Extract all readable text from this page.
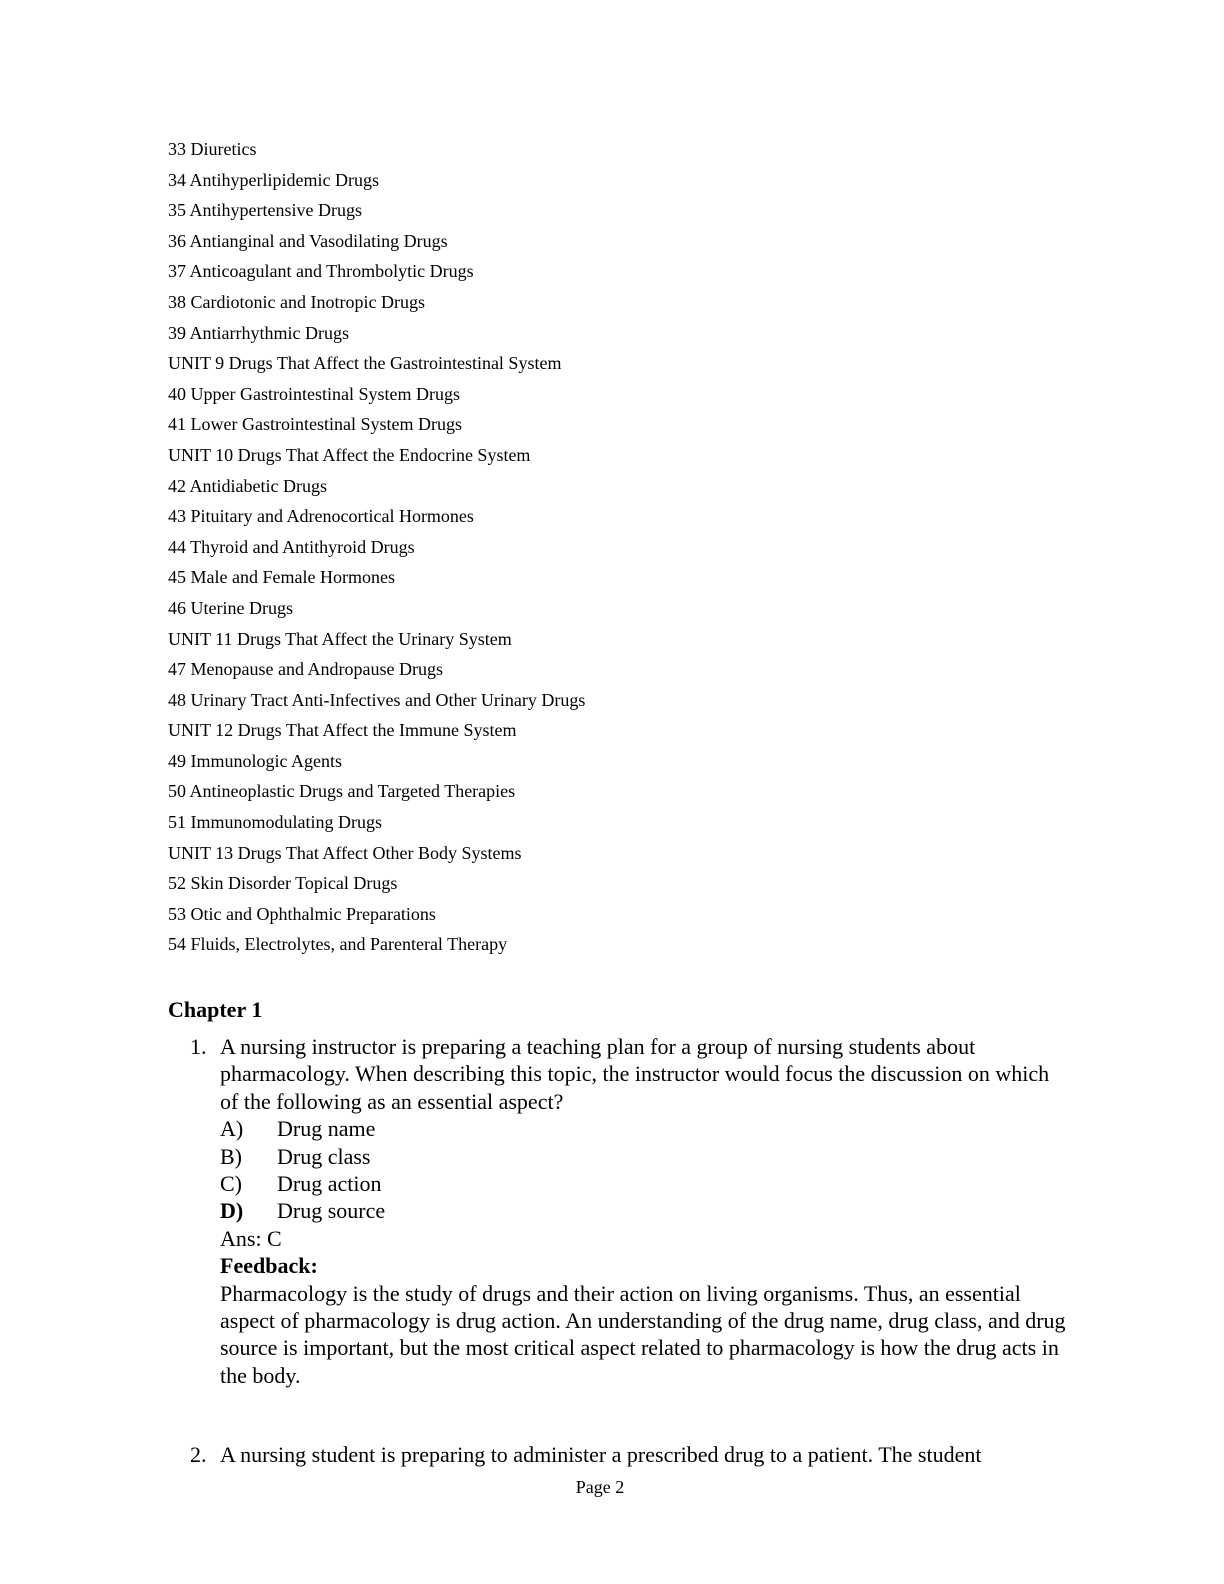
33 Diuretics
34 Antihyperlipidemic Drugs
35 Antihypertensive Drugs
36 Antianginal and Vasodilating Drugs
37 Anticoagulant and Thrombolytic Drugs
38 Cardiotonic and Inotropic Drugs
39 Antiarrhythmic Drugs
UNIT 9 Drugs That Affect the Gastrointestinal System
40 Upper Gastrointestinal System Drugs
41 Lower Gastrointestinal System Drugs
UNIT 10 Drugs That Affect the Endocrine System
42 Antidiabetic Drugs
43 Pituitary and Adrenocortical Hormones
44 Thyroid and Antithyroid Drugs
45 Male and Female Hormones
46 Uterine Drugs
UNIT 11 Drugs That Affect the Urinary System
47 Menopause and Andropause Drugs
48 Urinary Tract Anti-Infectives and Other Urinary Drugs
UNIT 12 Drugs That Affect the Immune System
49 Immunologic Agents
50 Antineoplastic Drugs and Targeted Therapies
51 Immunomodulating Drugs
UNIT 13 Drugs That Affect Other Body Systems
52 Skin Disorder Topical Drugs
53 Otic and Ophthalmic Preparations
54 Fluids, Electrolytes, and Parenteral Therapy
Chapter 1
1. A nursing instructor is preparing a teaching plan for a group of nursing students about pharmacology. When describing this topic, the instructor would focus the discussion on which of the following as an essential aspect?
A)	Drug name
B)	Drug class
C)	Drug action
D)	Drug source
Ans: C
Feedback:
Pharmacology is the study of drugs and their action on living organisms. Thus, an essential aspect of pharmacology is drug action. An understanding of the drug name, drug class, and drug source is important, but the most critical aspect related to pharmacology is how the drug acts in the body.
2. A nursing student is preparing to administer a prescribed drug to a patient. The student
Page 2
